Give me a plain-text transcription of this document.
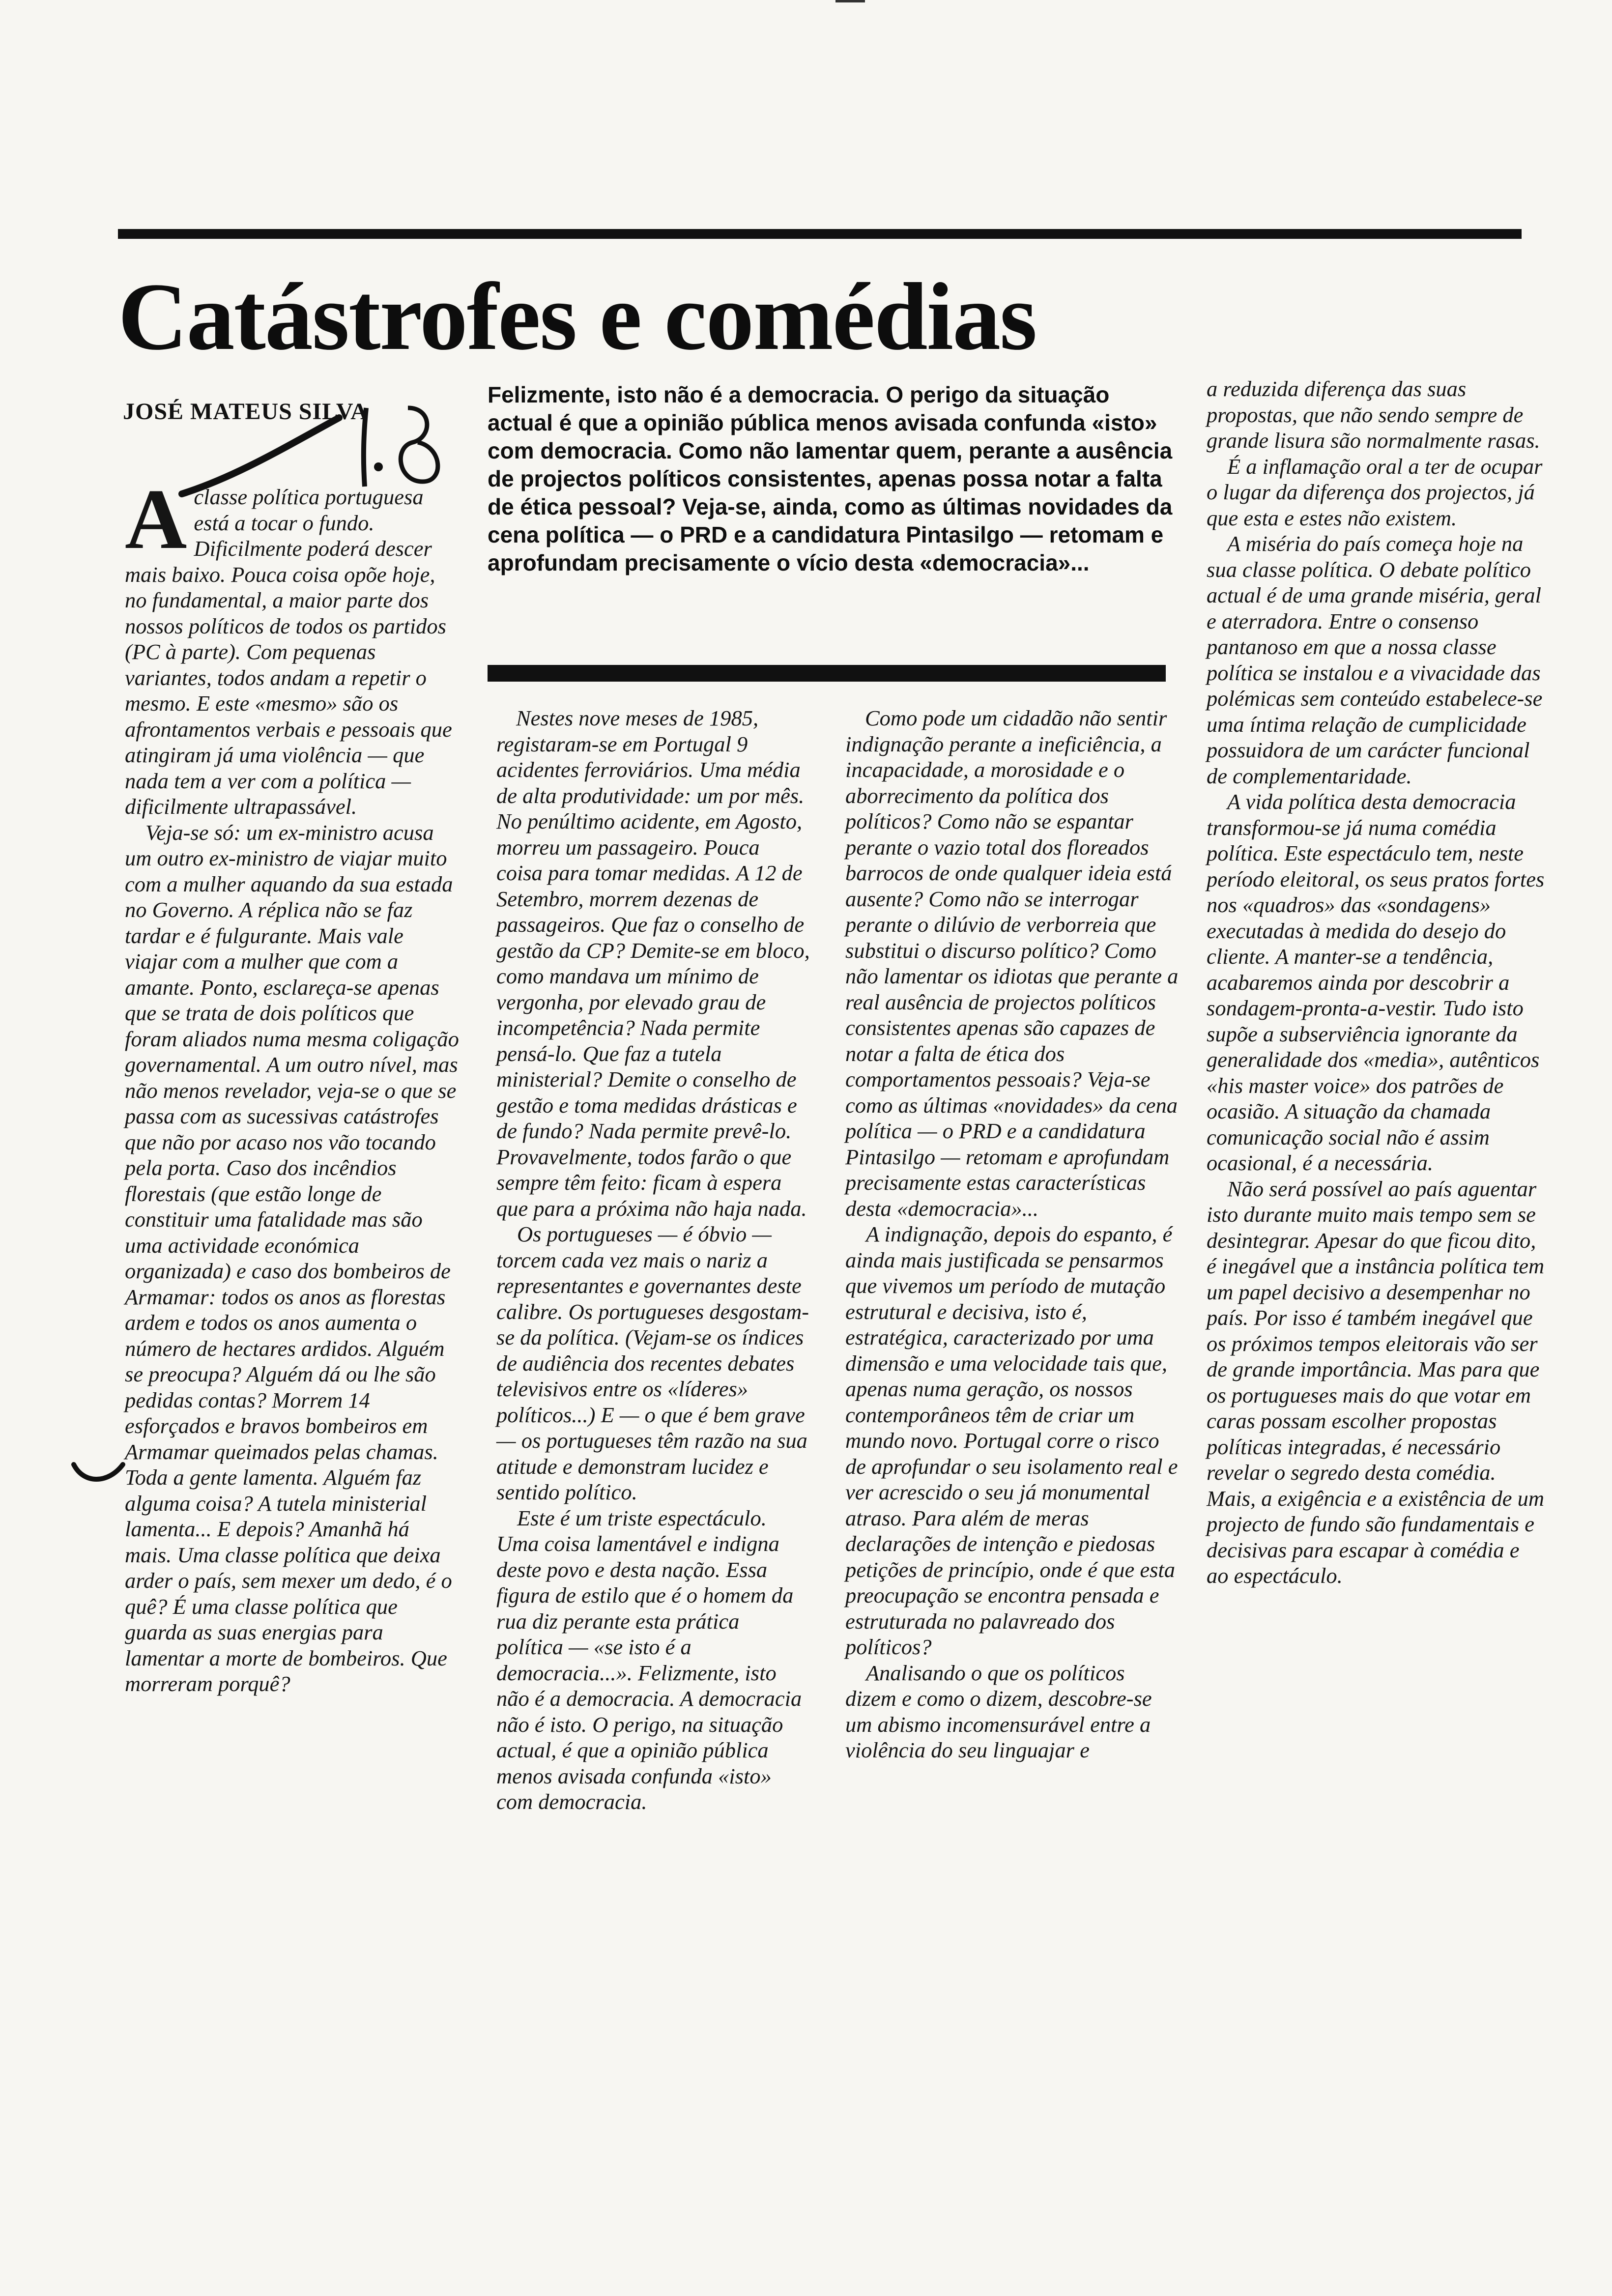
Catástrofes e comédias
JOSÉ MATEUS SILVA
Felizmente, isto não é a democracia. O perigo da situação actual é que a opinião pública menos avisada confunda «isto» com democracia. Como não lamentar quem, perante a ausência de projectos políticos consistentes, apenas possa notar a falta de ética pessoal? Veja-se, ainda, como as últimas novidades da cena política — o PRD e a candidatura Pintasilgo — retomam e aprofundam precisamente o vício desta «democracia»...

Aclasse política portuguesa está a tocar o fundo. Dificilmente poderá descer mais baixo. Pouca coisa opõe hoje, no fundamental, a maior parte dos nossos políticos de todos os partidos (PC à parte). Com pequenas variantes, todos andam a repetir o mesmo. E este «mesmo» são os afrontamentos verbais e pessoais que atingiram já uma violência — que nada tem a ver com a política — dificilmente ultrapassável.

Veja-se só: um ex-ministro acusa um outro ex-ministro de viajar muito com a mulher aquando da sua estada no Governo. A réplica não se faz tardar e é fulgurante. Mais vale viajar com a mulher que com a amante. Ponto, esclareça-se apenas que se trata de dois políticos que foram aliados numa mesma coligação governamental. A um outro nível, mas não menos revelador, veja-se o que se passa com as sucessivas catástrofes que não por acaso nos vão tocando pela porta. Caso dos incêndios florestais (que estão longe de constituir uma fatalidade mas são uma actividade económica organizada) e caso dos bombeiros de Armamar: todos os anos as florestas ardem e todos os anos aumenta o número de hectares ardidos. Alguém se preocupa? Alguém dá ou lhe são pedidas contas? Morrem 14 esforçados e bravos bombeiros em Armamar queimados pelas chamas. Toda a gente lamenta. Alguém faz alguma coisa? A tutela ministerial lamenta... E depois? Amanhã há mais. Uma classe política que deixa arder o país, sem mexer um dedo, é o quê? É uma classe política que guarda as suas energias para lamentar a morte de bombeiros. Que morreram porquê?

Nestes nove meses de 1985, registaram-se em Portugal 9 acidentes ferroviários. Uma média de alta produtividade: um por mês. No penúltimo acidente, em Agosto, morreu um passageiro. Pouca coisa para tomar medidas. A 12 de Setembro, morrem dezenas de passageiros. Que faz o conselho de gestão da CP? Demite-se em bloco, como mandava um mínimo de vergonha, por elevado grau de incompetência? Nada permite pensá-lo. Que faz a tutela ministerial? Demite o conselho de gestão e toma medidas drásticas e de fundo? Nada permite prevê-lo. Provavelmente, todos farão o que sempre têm feito: ficam à espera que para a próxima não haja nada.

Os portugueses — é óbvio — torcem cada vez mais o nariz a representantes e governantes deste calibre. Os portugueses desgostam-se da política. (Vejam-se os índices de audiência dos recentes debates televisivos entre os «líderes» políticos...) E — o que é bem grave — os portugueses têm razão na sua atitude e demonstram lucidez e sentido político.

Este é um triste espectáculo. Uma coisa lamentável e indigna deste povo e desta nação. Essa figura de estilo que é o homem da rua diz perante esta prática política — «se isto é a democracia...». Felizmente, isto não é a democracia. A democracia não é isto. O perigo, na situação actual, é que a opinião pública menos avisada confunda «isto» com democracia.

Como pode um cidadão não sentir indignação perante a ineficiência, a incapacidade, a morosidade e o aborrecimento da política dos políticos? Como não se espantar perante o vazio total dos floreados barrocos de onde qualquer ideia está ausente? Como não se interrogar perante o dilúvio de verborreia que substitui o discurso político? Como não lamentar os idiotas que perante a real ausência de projectos políticos consistentes apenas são capazes de notar a falta de ética dos comportamentos pessoais? Veja-se como as últimas «novidades» da cena política — o PRD e a candidatura Pintasilgo — retomam e aprofundam precisamente estas características desta «democracia»...

A indignação, depois do espanto, é ainda mais justificada se pensarmos que vivemos um período de mutação estrutural e decisiva, isto é, estratégica, caracterizado por uma dimensão e uma velocidade tais que, apenas numa geração, os nossos contemporâneos têm de criar um mundo novo. Portugal corre o risco de aprofundar o seu isolamento real e ver acrescido o seu já monumental atraso. Para além de meras declarações de intenção e piedosas petições de princípio, onde é que esta preocupação se encontra pensada e estruturada no palavreado dos políticos?

Analisando o que os políticos dizem e como o dizem, descobre-se um abismo incomensurável entre a violência do seu linguajar e

a reduzida diferença das suas propostas, que não sendo sempre de grande lisura são normalmente rasas.

É a inflamação oral a ter de ocupar o lugar da diferença dos projectos, já que esta e estes não existem.

A miséria do país começa hoje na sua classe política. O debate político actual é de uma grande miséria, geral e aterradora. Entre o consenso pantanoso em que a nossa classe política se instalou e a vivacidade das polémicas sem conteúdo estabelece-se uma íntima relação de cumplicidade possuidora de um carácter funcional de complementaridade.

A vida política desta democracia transformou-se já numa comédia política. Este espectáculo tem, neste período eleitoral, os seus pratos fortes nos «quadros» das «sondagens» executadas à medida do desejo do cliente. A manter-se a tendência, acabaremos ainda por descobrir a sondagem-pronta-a-vestir. Tudo isto supõe a subserviência ignorante da generalidade dos «media», autênticos «his master voice» dos patrões de ocasião. A situação da chamada comunicação social não é assim ocasional, é a necessária.

Não será possível ao país aguentar isto durante muito mais tempo sem se desintegrar. Apesar do que ficou dito, é inegável que a instância política tem um papel decisivo a desempenhar no país. Por isso é também inegável que os próximos tempos eleitorais vão ser de grande importância. Mas para que os portugueses mais do que votar em caras possam escolher propostas políticas integradas, é necessário revelar o segredo desta comédia. Mais, a exigência e a existência de um projecto de fundo são fundamentais e decisivas para escapar à comédia e ao espectáculo.
